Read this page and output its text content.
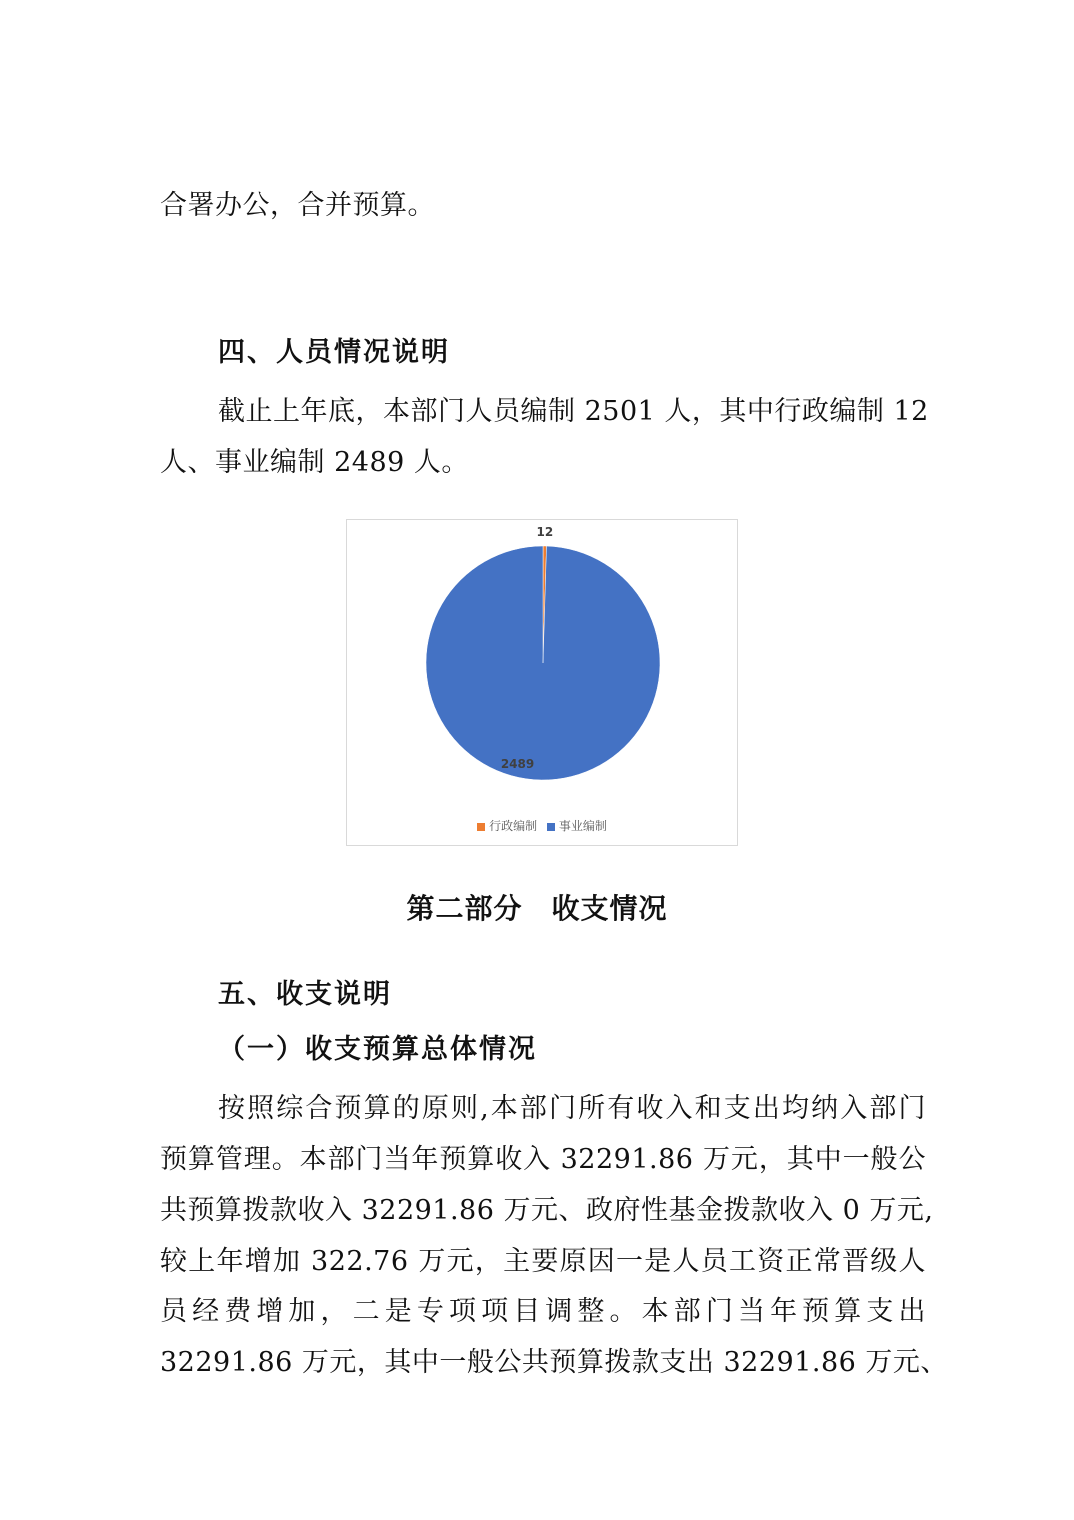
合署办公，合并预算。
四、人员情况说明
截止上年底，本部门人员编制 2501 人，其中行政编制 12
人、事业编制 2489 人。
12
2489
行政编制 事业编制
第二部分　收支情况
五、收支说明
（一）收支预算总体情况
按照综合预算的原则,本部门所有收入和支出均纳入部门
预算管理。本部门当年预算收入 32291.86 万元，其中一般公
共预算拨款收入 32291.86 万元、政府性基金拨款收入 0 万元,
较上年增加 322.76 万元，主要原因一是人员工资正常晋级人
员经费增加，二是专项项目调整。本部门当年预算支出
32291.86 万元，其中一般公共预算拨款支出 32291.86 万元、
